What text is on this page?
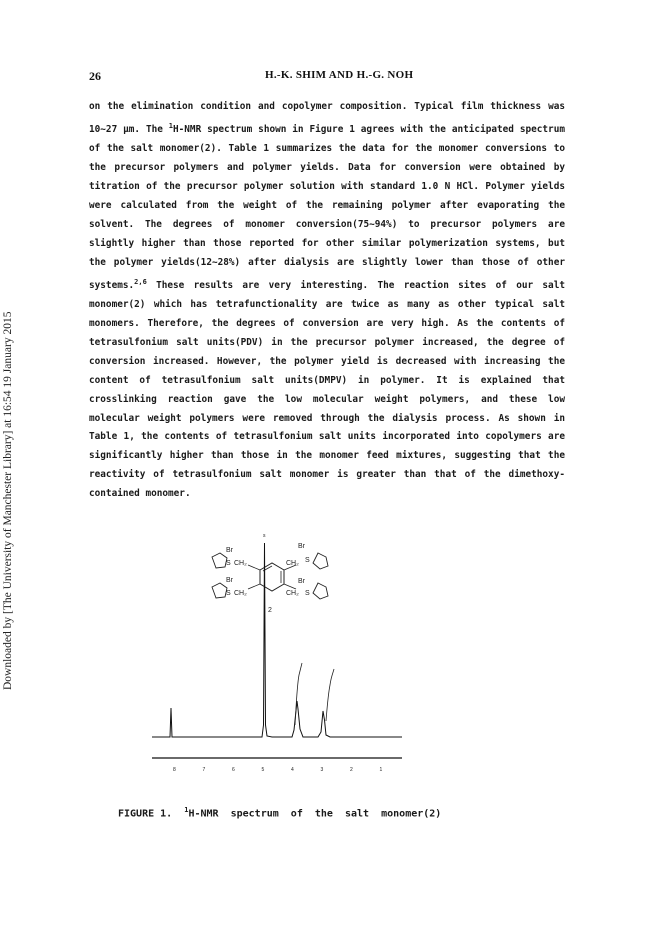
Downloaded by [The University of Manchester Library] at 16:54 19 January 2015
26	H.-K. SHIM AND H.-G. NOH

on the elimination condition and copolymer composition. Typical film thickness was 10~27 µm. The $^1$H-NMR spectrum shown in Figure 1 agrees with the anticipated spectrum of the salt monomer(2). Table 1 summarizes the data for the monomer conversions to the precursor polymers and polymer yields. Data for conversion were obtained by titration of the precursor polymer solution with standard 1.0 N HCl. Polymer yields were calculated from the weight of the remaining polymer after evaporating the solvent. The degrees of monomer conversion(75~94%) to precursor polymers are slightly higher than those reported for other similar polymerization systems, but the polymer yields(12~28%) after dialysis are slightly lower than those of other systems.$^{2,6}$ These results are very interesting. The reaction sites of our salt monomer(2) which has tetrafunctionality are twice as many as other typical salt monomers. Therefore, the degrees of conversion are very high. As the contents of tetrasulfonium salt units(PDV) in the precursor polymer increased, the degree of conversion increased. However, the polymer yield is decreased with increasing the content of tetrasulfonium salt units(DMPV) in polymer. It is explained that crosslinking reaction gave the low molecular weight polymers, and these low molecular weight polymers were removed through the dialysis process. As shown in Table 1, the contents of tetrasulfonium salt units incorporated into copolymers are significantly higher than those in the monomer feed mixtures, suggesting that the reactivity of tetrasulfonium salt monomer is greater than that of the dimethoxy-contained monomer.

Br
S CH₂
Br
S CH₂
Br
CH₂ S
Br
CH₂ S
2
s
8	7	6	5	4	3	2	1
FIGURE 1.  $^1$H-NMR  spectrum  of  the  salt  monomer(2)
